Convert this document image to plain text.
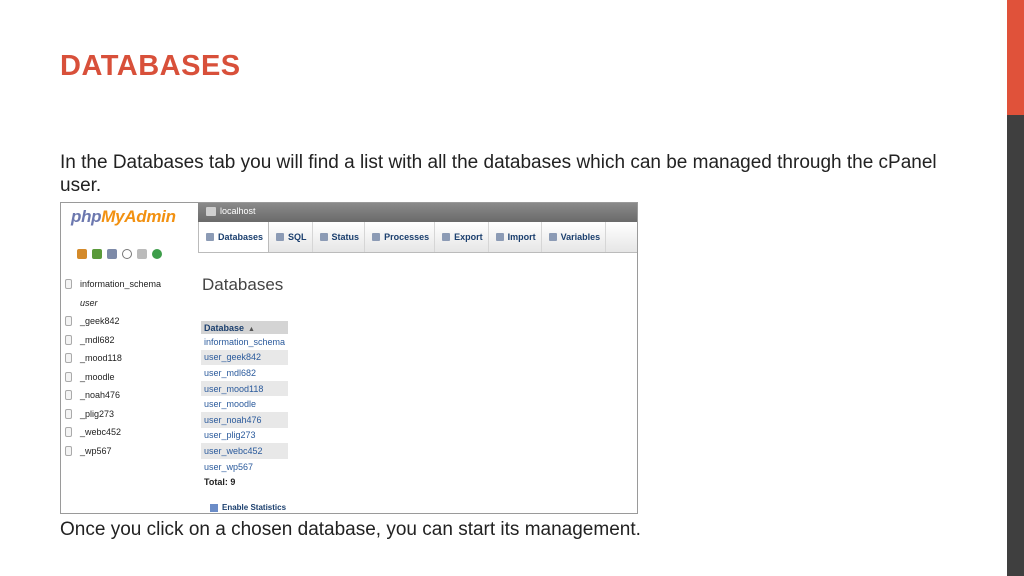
DATABASES

In the Databases tab you will find a list with all the databases which can be managed through the cPanel user.

phpMyAdmin
information_schema
user
_geek842
_mdl682
_mood118
_moodle
_noah476
_plig273
_webc452
_wp567
localhost
Databases	SQL	Status	Processes	Export	Import	Variables
Databases
Database ▲
information_schema
user_geek842
user_mdl682
user_mood118
user_moodle
user_noah476
user_plig273
user_webc452
user_wp567
Total: 9
Enable Statistics

Once you click on a chosen database, you can start its management.
